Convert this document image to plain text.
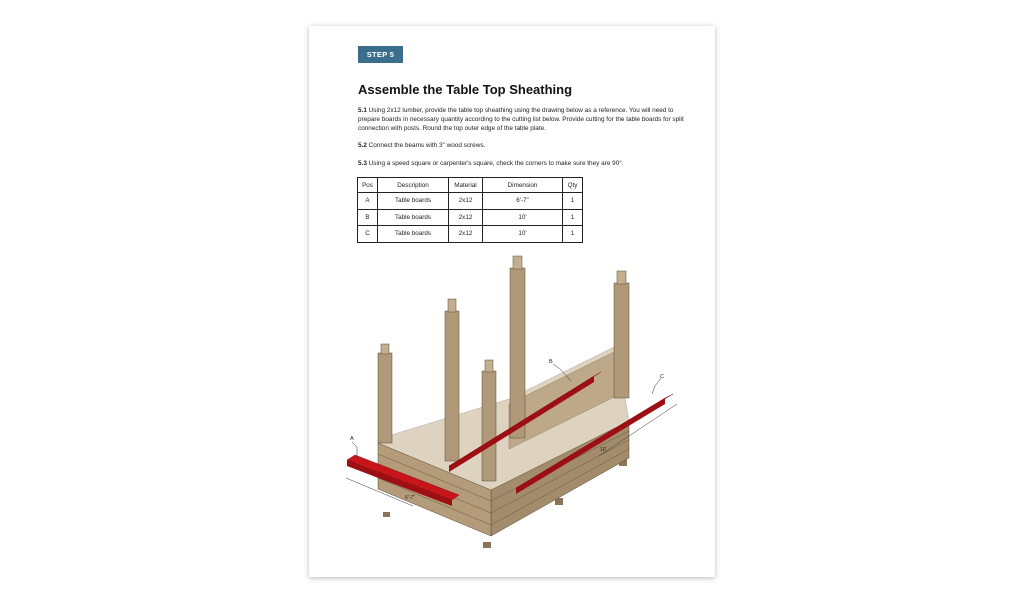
STEP 5
Assemble the Table Top Sheathing

5.1 Using 2x12 lumber, provide the table top sheathing using the drawing below as a reference. You will need to prepare boards in necessary quantity according to the cutting list below. Provide cutting for the table boards for split connection with posts. Round the top outer edge of the table plate.

5.2 Connect the beams with 3" wood screws.

5.3 Using a speed square or carpenter's square, check the corners to make sure they are 90°.

Pos	Description	Material	Dimension	Qty
A	Table boards	2x12	6'-7"	1
B	Table boards	2x12	10'	1
C	Table boards	2x12	10'	1
A
B
C
6'-7"
10'
